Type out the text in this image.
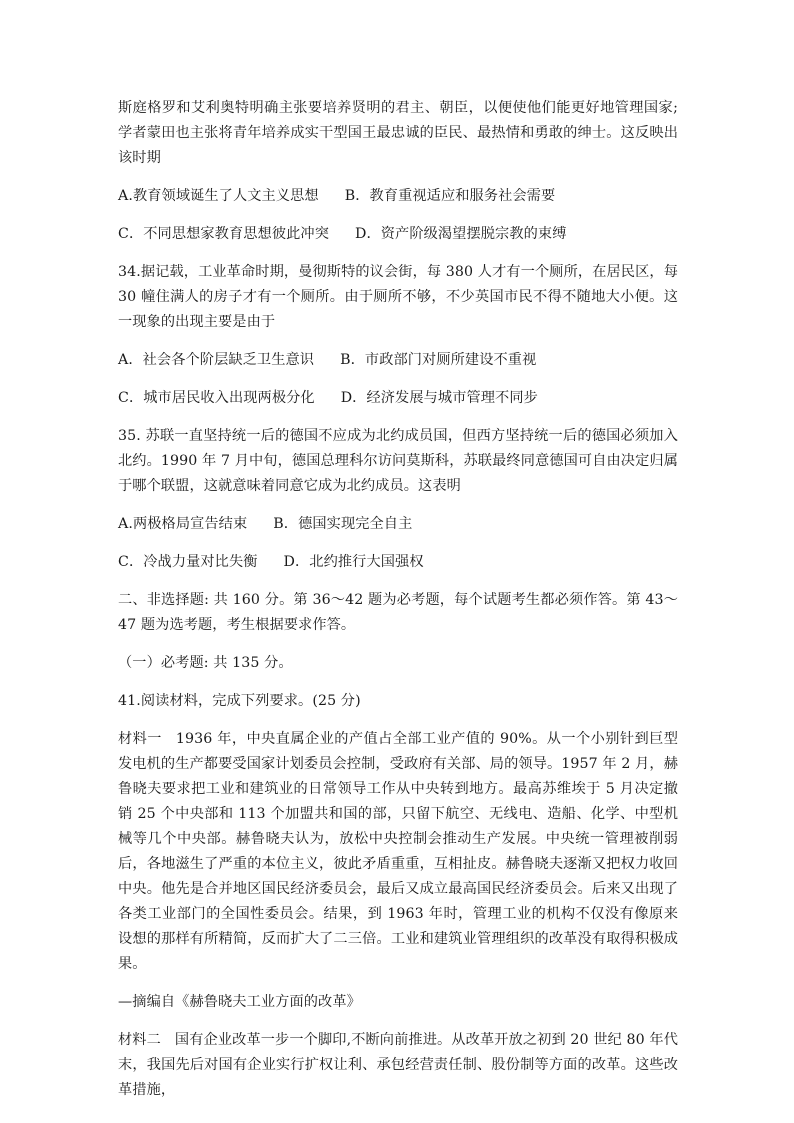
斯庭格罗和艾利奥特明确主张要培养贤明的君主、朝臣，以便使他们能更好地管理国家;学者蒙田也主张将青年培养成实干型国王最忠诚的臣民、最热情和勇敢的绅士。这反映出该时期

A.教育领域诞生了人文主义思想 B．教育重视适应和服务社会需要

C．不同思想家教育思想彼此冲突 D．资产阶级渴望摆脱宗教的束缚

34.据记载，工业革命时期，曼彻斯特的议会街，每 380 人才有一个厕所，在居民区，每 30 幢住满人的房子才有一个厕所。由于厕所不够，不少英国市民不得不随地大小便。这一现象的出现主要是由于

A．社会各个阶层缺乏卫生意识 B．市政部门对厕所建设不重视

C．城市居民收入出现两极分化 D．经济发展与城市管理不同步

35. 苏联一直坚持统一后的德国不应成为北约成员国，但西方坚持统一后的德国必须加入北约。1990 年 7 月中旬，德国总理科尔访问莫斯科，苏联最终同意德国可自由决定归属于哪个联盟，这就意味着同意它成为北约成员。这表明

A.两极格局宣告结束 B．德国实现完全自主

C．冷战力量对比失衡 D．北约推行大国强权

二、非选择题: 共 160 分。第 36～42 题为必考题，每个试题考生都必须作答。第 43～47 题为选考题，考生根据要求作答。

（一）必考题: 共 135 分。

41.阅读材料，完成下列要求。(25 分)

材料一 1936 年，中央直属企业的产值占全部工业产值的 90%。从一个小别针到巨型发电机的生产都要受国家计划委员会控制，受政府有关部、局的领导。1957 年 2 月，赫鲁晓夫要求把工业和建筑业的日常领导工作从中央转到地方。最高苏维埃于 5 月决定撤销 25 个中央部和 113 个加盟共和国的部，只留下航空、无线电、造船、化学、中型机械等几个中央部。赫鲁晓夫认为，放松中央控制会推动生产发展。中央统一管理被削弱后，各地滋生了严重的本位主义，彼此矛盾重重，互相扯皮。赫鲁晓夫逐渐又把权力收回中央。他先是合并地区国民经济委员会，最后又成立最高国民经济委员会。后来又出现了各类工业部门的全国性委员会。结果，到 1963 年时，管理工业的机构不仅没有像原来设想的那样有所精简，反而扩大了二三倍。工业和建筑业管理组织的改革没有取得积极成果。

—摘编自《赫鲁晓夫工业方面的改革》

材料二 国有企业改革一步一个脚印,不断向前推进。从改革开放之初到 20 世纪 80 年代末，我国先后对国有企业实行扩权让利、承包经营责任制、股份制等方面的改革。这些改革措施，
